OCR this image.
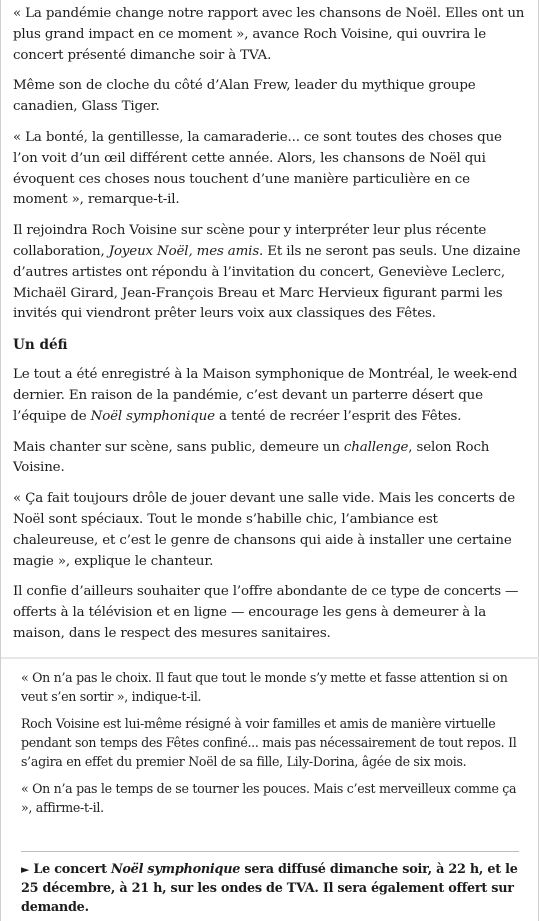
« La pandémie change notre rapport avec les chansons de Noël. Elles ont un plus grand impact en ce moment », avance Roch Voisine, qui ouvrira le concert présenté dimanche soir à TVA.

Même son de cloche du côté d’Alan Frew, leader du mythique groupe canadien, Glass Tiger.

« La bonté, la gentillesse, la camaraderie... ce sont toutes des choses que l’on voit d’un œil différent cette année. Alors, les chansons de Noël qui évoquent ces choses nous touchent d’une manière particulière en ce moment », remarque-t-il.

Il rejoindra Roch Voisine sur scène pour y interpréter leur plus récente collaboration, Joyeux Noël, mes amis. Et ils ne seront pas seuls. Une dizaine d’autres artistes ont répondu à l’invitation du concert, Geneviève Leclerc, Michaël Girard, Jean-François Breau et Marc Hervieux figurant parmi les invités qui viendront prêter leurs voix aux classiques des Fêtes.

Un défi

Le tout a été enregistré à la Maison symphonique de Montréal, le week-end dernier. En raison de la pandémie, c’est devant un parterre désert que l’équipe de Noël symphonique a tenté de recréer l’esprit des Fêtes.

Mais chanter sur scène, sans public, demeure un challenge, selon Roch Voisine.

« Ça fait toujours drôle de jouer devant une salle vide. Mais les concerts de Noël sont spéciaux. Tout le monde s’habille chic, l’ambiance est chaleureuse, et c’est le genre de chansons qui aide à installer une certaine magie », explique le chanteur.

Il confie d’ailleurs souhaiter que l’offre abondante de ce type de concerts — offerts à la télévision et en ligne — encourage les gens à demeurer à la maison, dans le respect des mesures sanitaires.

« On n’a pas le choix. Il faut que tout le monde s’y mette et fasse attention si on veut s’en sortir », indique-t-il.

Roch Voisine est lui-même résigné à voir familles et amis de manière virtuelle pendant son temps des Fêtes confiné... mais pas nécessairement de tout repos. Il s’agira en effet du premier Noël de sa fille, Lily-Dorina, âgée de six mois.

« On n’a pas le temps de se tourner les pouces. Mais c’est merveilleux comme ça », affirme-t-il.

► Le concert Noël symphonique sera diffusé dimanche soir, à 22 h, et le 25 décembre, à 21 h, sur les ondes de TVA. Il sera également offert sur demande.
